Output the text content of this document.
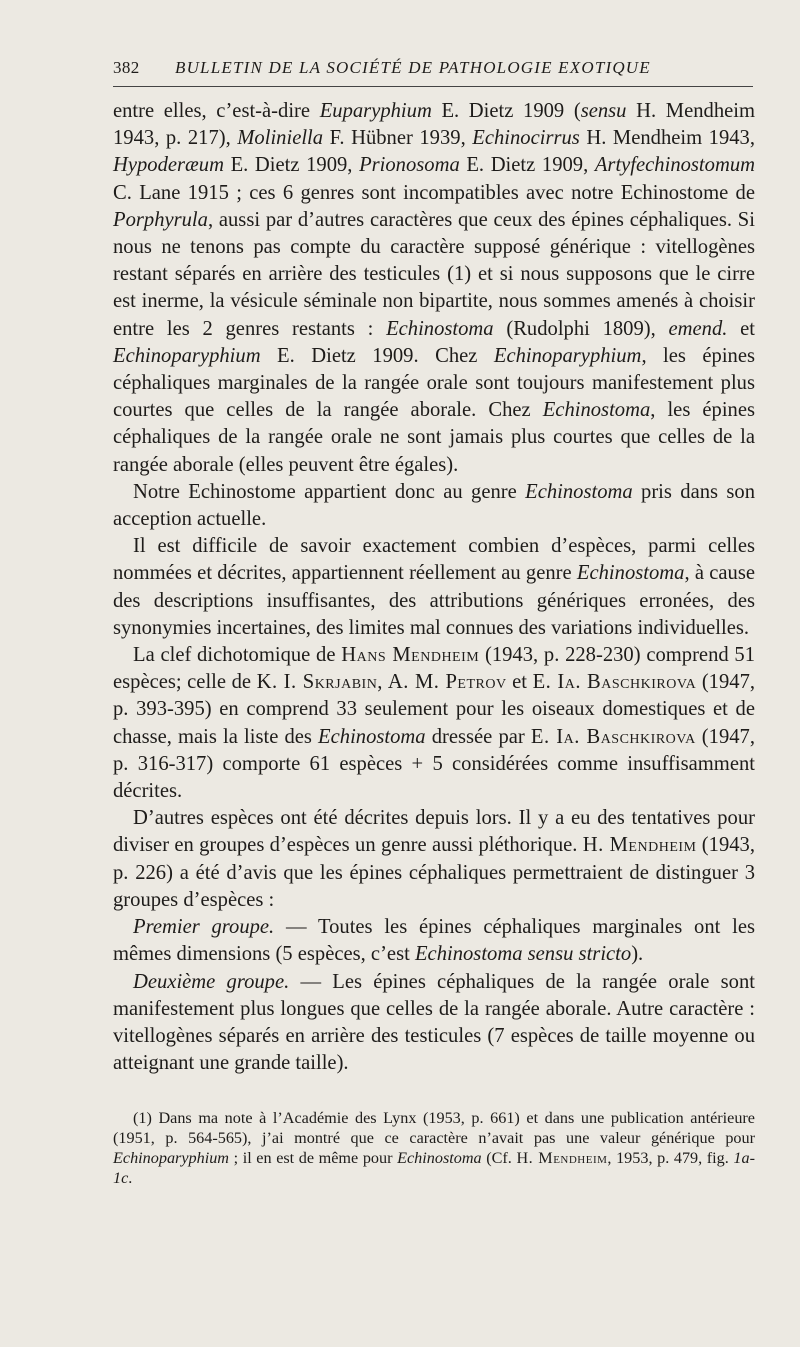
382 BULLETIN DE LA SOCIÉTÉ DE PATHOLOGIE EXOTIQUE

entre elles, c’est-à-dire Euparyphium E. Dietz 1909 (sensu H. Mendheim 1943, p. 217), Moliniella F. Hübner 1939, Echinocirrus H. Mendheim 1943, Hypoderæum E. Dietz 1909, Prionosoma E. Dietz 1909, Artyfechinostomum C. Lane 1915 ; ces 6 genres sont incompatibles avec notre Echinostome de Porphyrula, aussi par d’autres caractères que ceux des épines céphaliques. Si nous ne tenons pas compte du caractère supposé générique : vitellogènes restant séparés en arrière des testicules (1) et si nous supposons que le cirre est inerme, la vésicule séminale non bipartite, nous sommes amenés à choisir entre les 2 genres restants : Echinostoma (Rudolphi 1809), emend. et Echinoparyphium E. Dietz 1909. Chez Echinoparyphium, les épines céphaliques marginales de la rangée orale sont toujours manifestement plus courtes que celles de la rangée aborale. Chez Echinostoma, les épines céphaliques de la rangée orale ne sont jamais plus courtes que celles de la rangée aborale (elles peuvent être égales).

Notre Echinostome appartient donc au genre Echinostoma pris dans son acception actuelle.

Il est difficile de savoir exactement combien d’espèces, parmi celles nommées et décrites, appartiennent réellement au genre Echinostoma, à cause des descriptions insuffisantes, des attributions génériques erronées, des synonymies incertaines, des limites mal connues des variations individuelles.

La clef dichotomique de Hans Mendheim (1943, p. 228-230) comprend 51 espèces; celle de K. I. Skrjabin, A. M. Petrov et E. Ia. Baschkirova (1947, p. 393-395) en comprend 33 seulement pour les oiseaux domestiques et de chasse, mais la liste des Echinostoma dressée par E. Ia. Baschkirova (1947, p. 316-317) comporte 61 espèces + 5 considérées comme insuffisamment décrites.

D’autres espèces ont été décrites depuis lors. Il y a eu des tentatives pour diviser en groupes d’espèces un genre aussi pléthorique. H. Mendheim (1943, p. 226) a été d’avis que les épines céphaliques permettraient de distinguer 3 groupes d’espèces :

Premier groupe. — Toutes les épines céphaliques marginales ont les mêmes dimensions (5 espèces, c’est Echinostoma sensu stricto).

Deuxième groupe. — Les épines céphaliques de la rangée orale sont manifestement plus longues que celles de la rangée aborale. Autre caractère : vitellogènes séparés en arrière des testicules (7 espèces de taille moyenne ou atteignant une grande taille).

(1) Dans ma note à l’Académie des Lynx (1953, p. 661) et dans une publication antérieure (1951, p. 564-565), j’ai montré que ce caractère n’avait pas une valeur générique pour Echinoparyphium ; il en est de même pour Echinostoma (Cf. H. Mendheim, 1953, p. 479, fig. 1a-1c.
